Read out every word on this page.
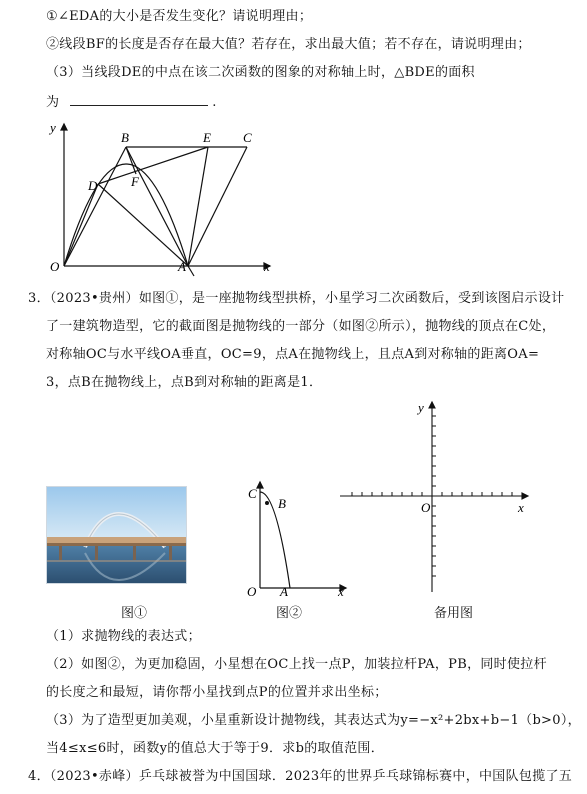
①∠EDA的大小是否发生变化？请说明理由；
②线段BF的长度是否存在最大值？若存在，求出最大值；若不存在，请说明理由；
（3）当线段DE的中点在该二次函数的图象的对称轴上时，△BDE的面积
为	.
y
B	E C
D	F
O	A	x
3．（2023•贵州）如图①，是一座抛物线型拱桥，小星学习二次函数后，受到该图启示设计
了一建筑物造型，它的截面图是抛物线的一部分（如图②所示），抛物线的顶点在C处，
对称轴OC与水平线OA垂直，OC=9，点A在抛物线上，且点A到对称轴的距离OA=
3，点B在抛物线上，点B到对称轴的距离是1．
C
B
O A	x
y
O	x
图①	图②	备用图
（1）求抛物线的表达式；
（2）如图②，为更加稳固，小星想在OC上找一点P，加装拉杆PA，PB，同时使拉杆
的长度之和最短，请你帮小星找到点P的位置并求出坐标；
（3）为了造型更加美观，小星重新设计抛物线，其表达式为y=−x²+2bx+b−1（b>0），
当4≤x≤6时，函数y的值总大于等于9．求b的取值范围．
4．（2023•赤峰）乒乓球被誉为中国国球．2023年的世界乒乓球锦标赛中，中国队包揽了五
